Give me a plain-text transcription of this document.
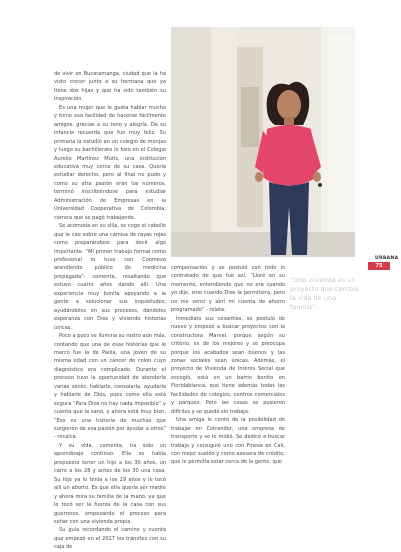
de vivir en Bucaramanga, ciudad que la ha visto crecer junto a su hermana que ya tiene dos hijas y que ha sido también su inspiración.

Es una mujer que le gusta hablar mucho y tiene esa facilidad de hacerse fácilmente amigos, gracias a su tono y alegría. De su infancia recuerda que fue muy feliz. Su primaria la estudió en un colegio de monjas y luego su bachillerato lo hizo en el Colegio Aurelio Martínez Mutis, una institución educativa muy cerca de su casa. Quería estudiar derecho, pero al final no pudo y como su otra pasión eran los números, terminó inscribiéndose para estudiar Administración de Empresas en la Universidad Cooperativa de Colombia, carrera que se pagó trabajando.

Se acomoda en su silla, se coge el cabello que le cae sobre una camisa de rayas rojas como preparándose para decir algo importante. “Mi primer trabajo formal como profesional lo tuve con Coomeva atendiendo público de medicina prepagada”- comenta, resaltando que estuvo cuatro años dando allí. Una experiencia muy bonita apoyando a la gente a solucionar sus inquietudes, ayudándoles en sus procesos, dándoles esperanza con Dios y viviendo historias únicas.

Poco a poco se ilumina su rostro aún más, contando que una de esas historias que le marcó fue la de Paola, una joven de su misma edad con un cáncer de colon cuyo diagnóstico era complicado. Durante el proceso tuvo la oportunidad de atenderla varias veces, hablarle, consolarla, ayudarla y hablarle de Dios, pues como ella está segura “Para Dios no hay nada imposible” y cuenta que la sanó, y ahora está muy bien. “Eso es una historia de muchas que surgieron de esa pasión por ayudar a otros” - recalca.

Y su vida, comenta, ha sido un aprendizaje continuo. Ella se había propuesto tener un hijo a los 30 años, un carro a los 28 y antes de los 30 una casa. Su hijo ya lo tenía a los 29 años y le tocó allí un aborto. Es que ella quería ser madre y ahora mira su familia de la mano, ya que le tocó ser la fuerza de la casa con sus guerreros, empezando el proceso para soñar con una vivienda propia.

Su guía recordando el camino y cuenta que empezó en el 2017 los trámites con su caja de

compensación y se postuló con todo lo contratado de que fue así, “Lloré en su momento, entendiendo que no era cuando yo dije, sino cuando Dios la permitiera, pero no me vencí y abrí mi cuenta de ahorro programado” - relata.

Inmediato sus cesantías, se postuló de nuevo y empezó a buscar proyectos con la constructora Marval, porque según su criterio, es de los mejores y se preocupa porque los acabados sean buenos y las zonas sociales sean únicas. Además, el proyecto de Vivienda de Interés Social que escogió, está en un barrio bonito en Floridablanca, que tiene además todas las facilidades de colegios, centros comerciales y parques. Pero las cosas se pusieron difíciles y se quedó sin trabajo.

Una amiga le contó de la posibilidad de trabajar en Cotrandor, una empresa de transporte y se le midió. Se dedicó a buscar trabajo y consiguió uno con Finesa en Cali, con mejor sueldo y como asesora de crédito, que le permitía estar cerca de la gente, que

URBANA
75
“Una vivienda es un proyecto que cambia la vida de una familia”.
